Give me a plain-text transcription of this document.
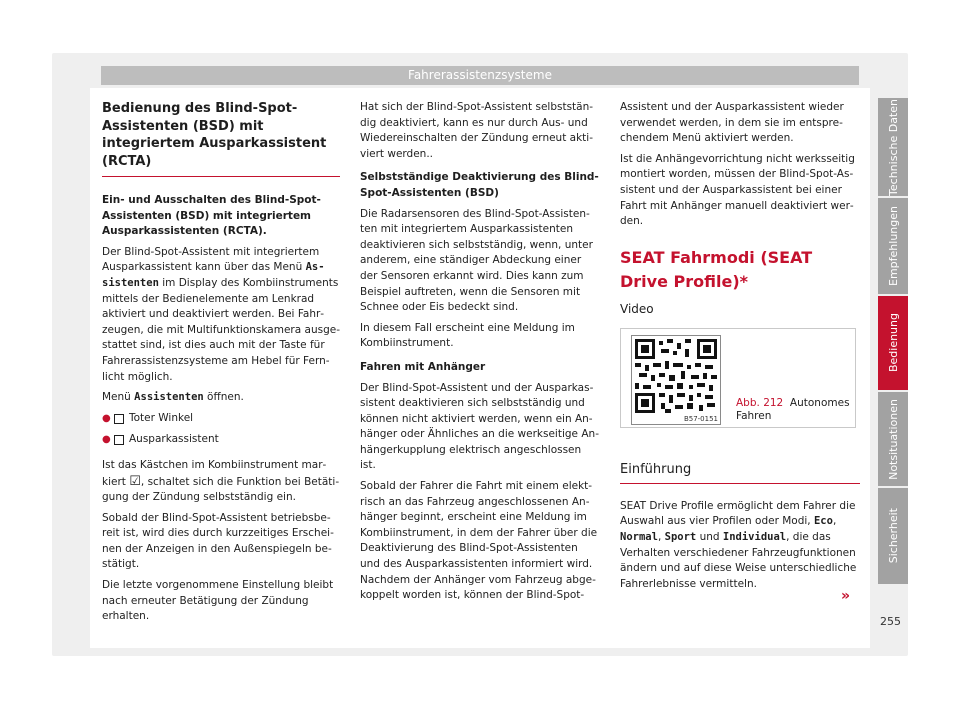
Fahrerassistenzsysteme
Bedienung des Blind-Spot-Assistenten (BSD) mit integriertem Ausparkassistent (RCTA)

Ein- und Ausschalten des Blind-Spot-Assistenten (BSD) mit integriertem Ausparkassistenten (RCTA).

Der Blind-Spot-Assistent mit integriertem Ausparkassistent kann über das Menü Assistenten im Display des Kombiinstruments mittels der Bedienelemente am Lenkrad aktiviert und deaktiviert werden. Bei Fahrzeugen, die mit Multifunktionskamera ausgestattet sind, ist dies auch mit der Taste für Fahrerassistenzsysteme am Hebel für Fernlicht möglich.

Menü Assistenten öffnen.

●	Toter Winkel
●	Ausparkassistent

Ist das Kästchen im Kombiinstrument markiert ☑, schaltet sich die Funktion bei Betätigung der Zündung selbstständig ein.

Sobald der Blind-Spot-Assistent betriebsbereit ist, wird dies durch kurzzeitiges Erscheinen der Anzeigen in den Außenspiegeln bestätigt.

Die letzte vorgenommene Einstellung bleibt nach erneuter Betätigung der Zündung erhalten.

Hat sich der Blind-Spot-Assistent selbstständig deaktiviert, kann es nur durch Aus- und Wiedereinschalten der Zündung erneut aktiviert werden..

Selbstständige Deaktivierung des Blind-Spot-Assistenten (BSD)

Die Radarsensoren des Blind-Spot-Assistenten mit integriertem Ausparkassistenten deaktivieren sich selbstständig, wenn, unter anderem, eine ständiger Abdeckung einer der Sensoren erkannt wird. Dies kann zum Beispiel auftreten, wenn die Sensoren mit Schnee oder Eis bedeckt sind.

In diesem Fall erscheint eine Meldung im Kombiinstrument.

Fahren mit Anhänger

Der Blind-Spot-Assistent und der Ausparkassistent deaktivieren sich selbstständig und können nicht aktiviert werden, wenn ein Anhänger oder Ähnliches an die werkseitige Anhängerkupplung elektrisch angeschlossen ist.

Sobald der Fahrer die Fahrt mit einem elektrisch an das Fahrzeug angeschlossenen Anhänger beginnt, erscheint eine Meldung im Kombiinstrument, in dem der Fahrer über die Deaktivierung des Blind-Spot-Assistenten und des Ausparkassistenten informiert wird. Nachdem der Anhänger vom Fahrzeug abgekoppelt worden ist, können der Blind-Spot-

Assistent und der Ausparkassistent wieder verwendet werden, in dem sie im entsprechendem Menü aktiviert werden.

Ist die Anhängevorrichtung nicht werksseitig montiert worden, müssen der Blind-Spot-Assistent und der Ausparkassistent bei einer Fahrt mit Anhänger manuell deaktiviert werden.

SEAT Fahrmodi (SEAT Drive Profile)*
Video
B57-0151
Abb. 212 Autonomes Fahren
Einführung

SEAT Drive Profile ermöglicht dem Fahrer die Auswahl aus vier Profilen oder Modi, Eco, Normal, Sport und Individual, die das Verhalten verschiedener Fahrzeugfunktionen ändern und auf diese Weise unterschiedliche Fahrerlebnisse vermitteln.

»
255
Technische Daten
Empfehlungen
Bedienung
Notsituationen
Sicherheit
